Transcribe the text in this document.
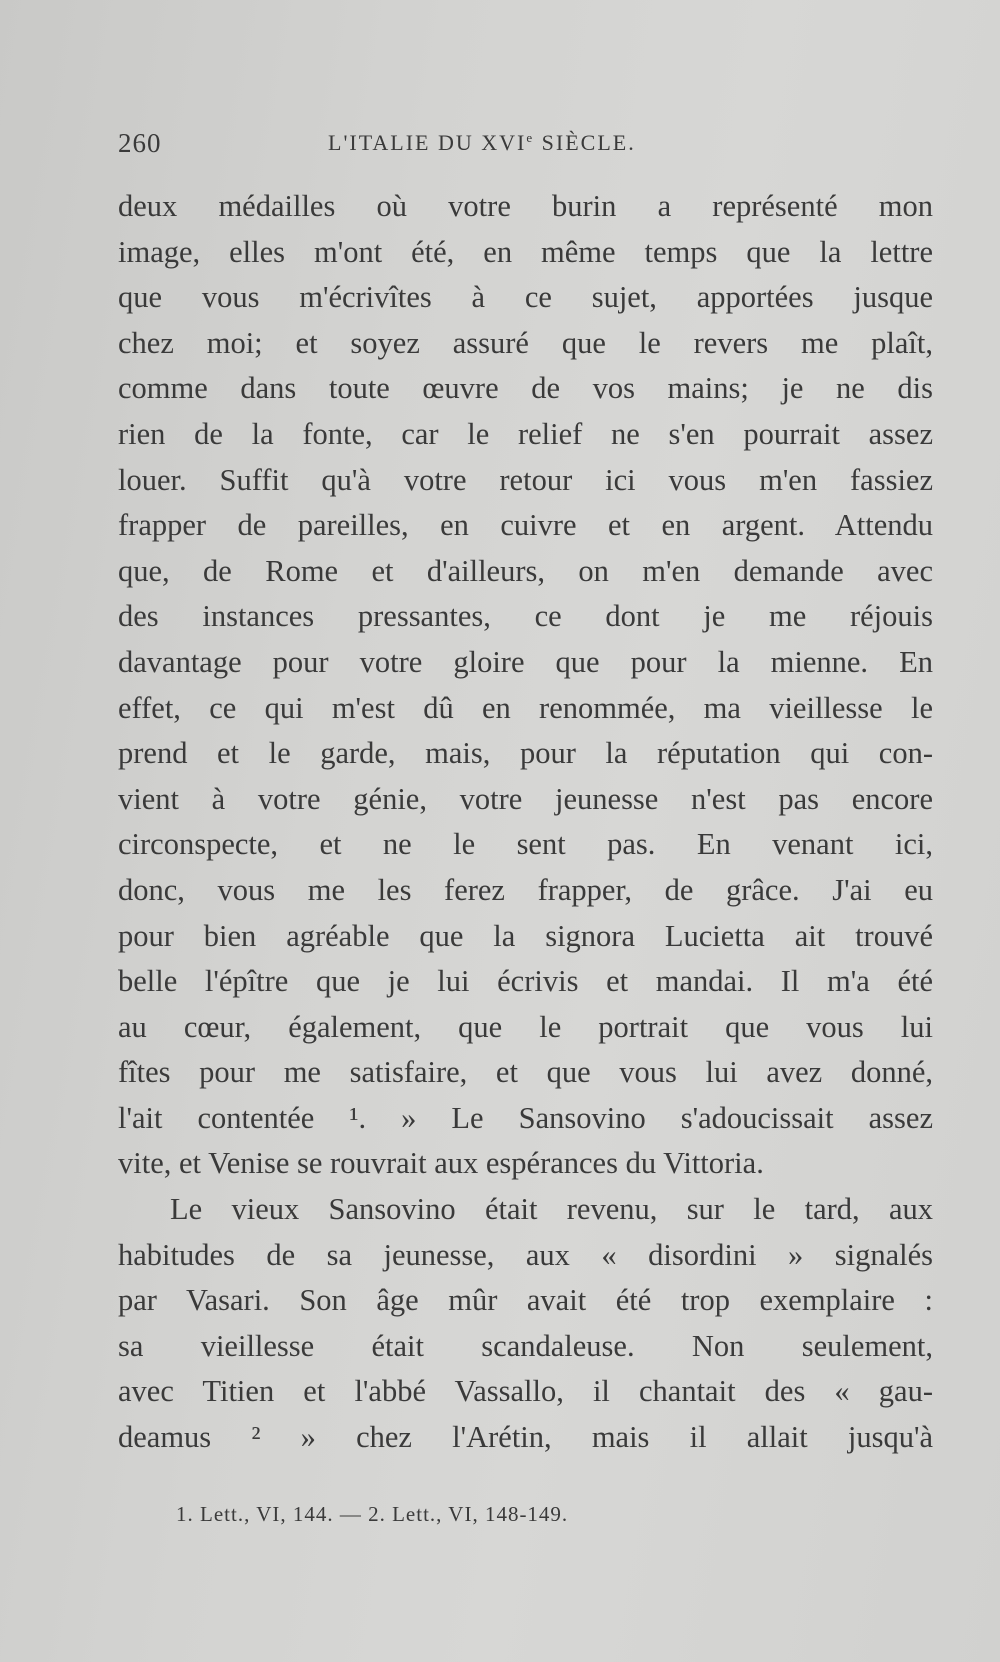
260	L'ITALIE DU XVIe SIÈCLE.
deux médailles où votre burin a représenté mon
image, elles m'ont été, en même temps que la lettre
que vous m'écrivîtes à ce sujet, apportées jusque
chez moi; et soyez assuré que le revers me plaît,
comme dans toute œuvre de vos mains; je ne dis
rien de la fonte, car le relief ne s'en pourrait assez
louer. Suffit qu'à votre retour ici vous m'en fassiez
frapper de pareilles, en cuivre et en argent. Attendu
que, de Rome et d'ailleurs, on m'en demande avec
des instances pressantes, ce dont je me réjouis
davantage pour votre gloire que pour la mienne. En
effet, ce qui m'est dû en renommée, ma vieillesse le
prend et le garde, mais, pour la réputation qui con-
vient à votre génie, votre jeunesse n'est pas encore
circonspecte, et ne le sent pas. En venant ici,
donc, vous me les ferez frapper, de grâce. J'ai eu
pour bien agréable que la signora Lucietta ait trouvé
belle l'épître que je lui écrivis et mandai. Il m'a été
au cœur, également, que le portrait que vous lui
fîtes pour me satisfaire, et que vous lui avez donné,
l'ait contentée ¹. » Le Sansovino s'adoucissait assez
vite, et Venise se rouvrait aux espérances du Vittoria.
Le vieux Sansovino était revenu, sur le tard, aux
habitudes de sa jeunesse, aux « disordini » signalés
par Vasari. Son âge mûr avait été trop exemplaire :
sa vieillesse était scandaleuse. Non seulement,
avec Titien et l'abbé Vassallo, il chantait des « gau-
deamus ² » chez l'Arétin, mais il allait jusqu'à
1. Lett., VI, 144. — 2. Lett., VI, 148-149.
